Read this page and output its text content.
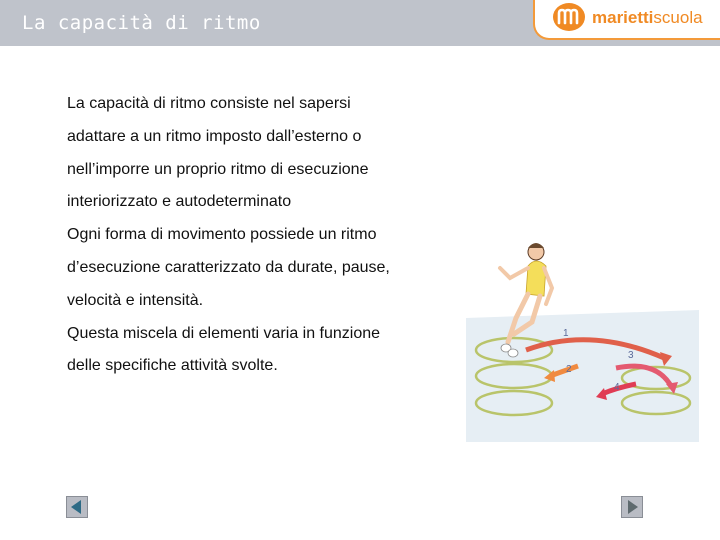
La capacità di ritmo	mariettiscuola
La capacità di ritmo consiste nel sapersi
adattare a un ritmo imposto dall’esterno o
nell’imporre un proprio ritmo di esecuzione
interiorizzato e autodeterminato
Ogni forma di movimento possiede un ritmo
d’esecuzione caratterizzato da durate, pause,
velocità e intensità.
Questa miscela di elementi varia in funzione
delle specifiche attività svolte.
1
2
3
4
